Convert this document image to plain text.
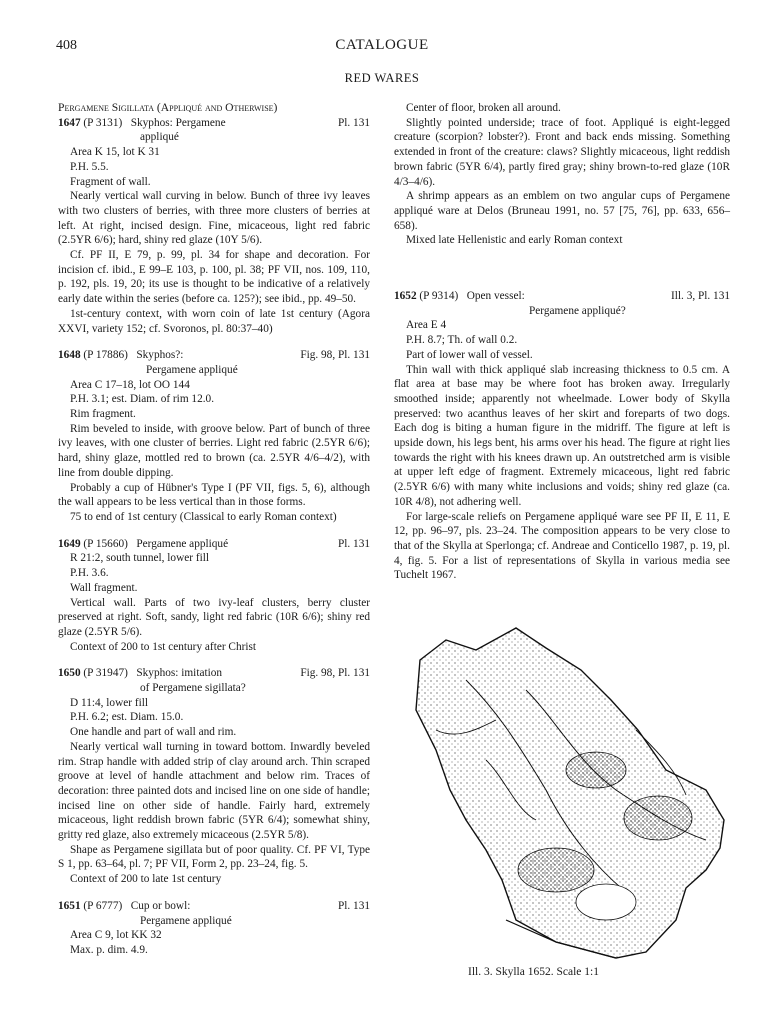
408	CATALOGUE
RED WARES

Pergamene Sigillata (Appliqué and Otherwise)

1647 (P 3131) Skyphos: Pergamene	Pl. 131

appliqué

Area K 15, lot K 31

P.H. 5.5.

Fragment of wall.

Nearly vertical wall curving in below. Bunch of three ivy leaves with two clusters of berries, with three more clusters of berries at left. At right, incised design. Fine, micaceous, light red fabric (2.5YR 6/6); hard, shiny red glaze (10Y 5/6).

Cf. PF II, E 79, p. 99, pl. 34 for shape and decoration. For incision cf. ibid., E 99–E 103, p. 100, pl. 38; PF VII, nos. 109, 110, p. 192, pls. 19, 20; its use is thought to be indicative of a relatively early date within the series (before ca. 125?); see ibid., pp. 49–50.

1st-century context, with worn coin of late 1st century (Agora XXVI, variety 152; cf. Svoronos, pl. 80:37–40)

1648 (P 17886) Skyphos?:	Fig. 98, Pl. 131

Pergamene appliqué

Area C 17–18, lot OO 144

P.H. 3.1; est. Diam. of rim 12.0.

Rim fragment.

Rim beveled to inside, with groove below. Part of bunch of three ivy leaves, with one cluster of berries. Light red fabric (2.5YR 6/6); hard, shiny glaze, mottled red to brown (ca. 2.5YR 4/6–4/2), with line from double dipping.

Probably a cup of Hübner's Type I (PF VII, figs. 5, 6), although the wall appears to be less vertical than in those forms.

75 to end of 1st century (Classical to early Roman context)

1649 (P 15660) Pergamene appliqué	Pl. 131

R 21:2, south tunnel, lower fill

P.H. 3.6.

Wall fragment.

Vertical wall. Parts of two ivy-leaf clusters, berry cluster preserved at right. Soft, sandy, light red fabric (10R 6/6); shiny red glaze (2.5YR 5/6).

Context of 200 to 1st century after Christ

1650 (P 31947) Skyphos: imitation	Fig. 98, Pl. 131

of Pergamene sigillata?

D 11:4, lower fill

P.H. 6.2; est. Diam. 15.0.

One handle and part of wall and rim.

Nearly vertical wall turning in toward bottom. Inwardly beveled rim. Strap handle with added strip of clay around arch. Thin scraped groove at level of handle attachment and below rim. Traces of decoration: three painted dots and incised line on one side of handle; incised line on other side of handle. Fairly hard, extremely micaceous, light reddish brown fabric (5YR 6/4); somewhat shiny, gritty red glaze, also extremely micaceous (2.5YR 5/8).

Shape as Pergamene sigillata but of poor quality. Cf. PF VI, Type S 1, pp. 63–64, pl. 7; PF VII, Form 2, pp. 23–24, fig. 5.

Context of 200 to late 1st century

1651 (P 6777) Cup or bowl:	Pl. 131

Pergamene appliqué

Area C 9, lot KK 32

Max. p. dim. 4.9.

Center of floor, broken all around.

Slightly pointed underside; trace of foot. Appliqué is eight-legged creature (scorpion? lobster?). Front and back ends missing. Something extended in front of the creature: claws? Slightly micaceous, light reddish brown fabric (5YR 6/4), partly fired gray; shiny brown-to-red glaze (10R 4/3–4/6).

A shrimp appears as an emblem on two angular cups of Pergamene appliqué ware at Delos (Bruneau 1991, no. 57 [75, 76], pp. 633, 656–658).

Mixed late Hellenistic and early Roman context

1652 (P 9314) Open vessel:	Ill. 3, Pl. 131

Pergamene appliqué?

Area E 4

P.H. 8.7; Th. of wall 0.2.

Part of lower wall of vessel.

Thin wall with thick appliqué slab increasing thickness to 0.5 cm. A flat area at base may be where foot has broken away. Irregularly smoothed inside; apparently not wheelmade. Lower body of Skylla preserved: two acanthus leaves of her skirt and foreparts of two dogs. Each dog is biting a human figure in the midriff. The figure at left is upside down, his legs bent, his arms over his head. The figure at right lies towards the right with his knees drawn up. An outstretched arm is visible at upper left edge of fragment. Extremely micaceous, light red fabric (2.5YR 6/6) with many white inclusions and voids; shiny red glaze (ca. 10R 4/8), not adhering well.

For large-scale reliefs on Pergamene appliqué ware see PF II, E 11, E 12, pp. 96–97, pls. 23–24. The composition appears to be very close to that of the Skylla at Sperlonga; cf. Andreae and Conticello 1987, p. 19, pl. 4, fig. 5. For a list of representations of Skylla in various media see Tuchelt 1967.

Ill. 3. Skylla 1652. Scale 1:1
